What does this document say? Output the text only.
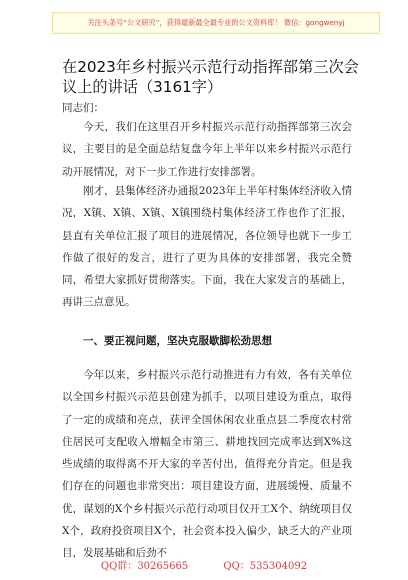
关注头条号“公文研究”，获得最新最全最专业的公文资料库！ 微信：gongwenyj
在2023年乡村振兴示范行动指挥部第三次会议上的讲话（3161字）
同志们：
今天，我们在这里召开乡村振兴示范行动指挥部第三次会议，主要目的是全面总结复盘今年上半年以来乡村振兴示范行动开展情况，对下一步工作进行安排部署。
刚才，县集体经济办通报2023年上半年村集体经济收入情况，X镇、X镇、X镇、X镇围绕村集体经济工作也作了汇报，县直有关单位汇报了项目的进展情况，各位领导也就下一步工作做了很好的发言，进行了更为具体的安排部署，我完全赞同，希望大家抓好贯彻落实。下面，我在大家发言的基础上，再讲三点意见。
一、要正视问题，坚决克服歇脚松劲思想
今年以来，乡村振兴示范行动推进有力有效，各有关单位以全国乡村振兴示范县创建为抓手，以项目建设为重点，取得了一定的成绩和亮点，获评全国休闲农业重点县二季度农村常住居民可支配收入增幅全市第三、耕地找回完成率达到X%这些成绩的取得离不开大家的辛苦付出，值得充分肯定。但是我们存在的问题也非常突出：项目建设方面，进展缓慢、质量不优，谋划的X个乡村振兴示范行动项目仅开工X个、纳统项目仅X个，政府投资项目X个，社会资本投入偏少，缺乏大的产业项目，发展基础和后劲不
QQ群：30265665	QQ：535304092
